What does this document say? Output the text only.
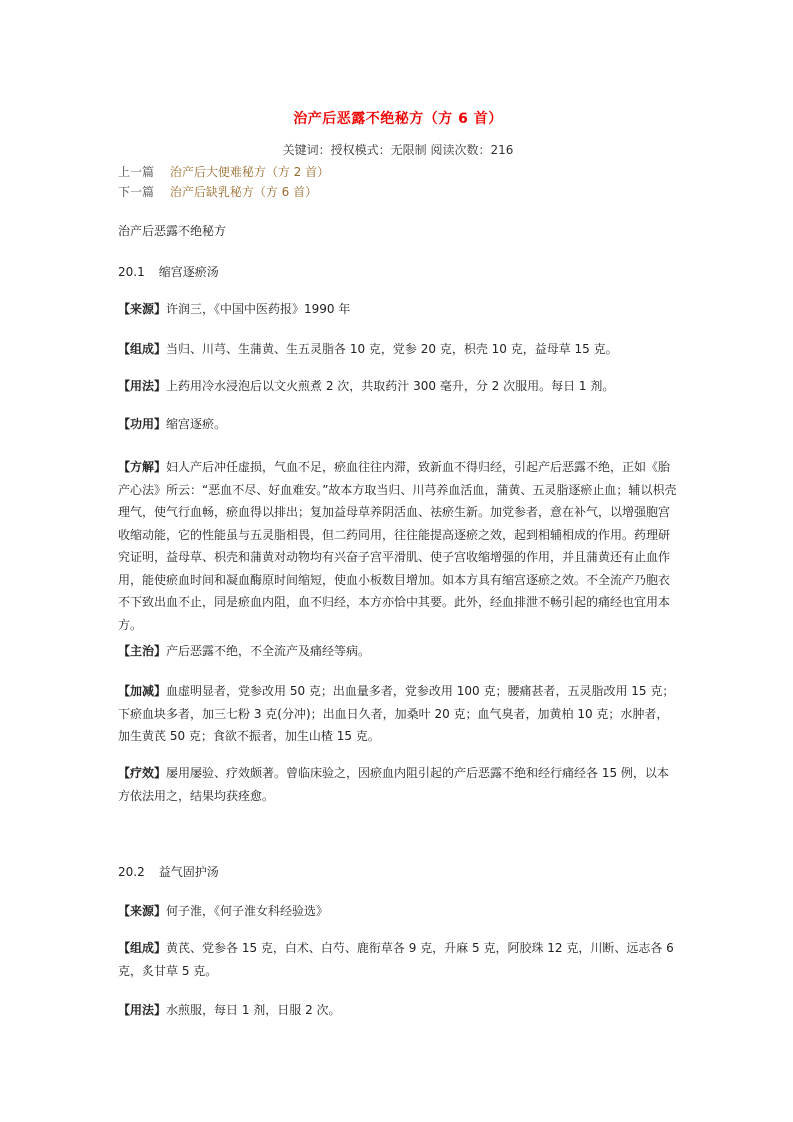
治产后恶露不绝秘方（方 6 首）
关键词：授权模式：无限制 阅读次数：216
上一篇 治产后大便难秘方（方 2 首）
下一篇 治产后缺乳秘方（方 6 首）
治产后恶露不绝秘方
20.1 缩宫逐瘀汤
【来源】许润三，《中国中医药报》1990 年
【组成】当归、川芎、生蒲黄、生五灵脂各 10 克，党参 20 克，枳壳 10 克，益母草 15 克。
【用法】上药用冷水浸泡后以文火煎煮 2 次，共取药汁 300 毫升，分 2 次服用。每日 1 剂。
【功用】缩宫逐瘀。
【方解】妇人产后冲任虚损，气血不足，瘀血往往内滞，致新血不得归经，引起产后恶露不绝，正如《胎产心法》所云：“恶血不尽、好血难安。”故本方取当归、川芎养血活血，蒲黄、五灵脂逐瘀止血；辅以枳壳理气，使气行血畅，瘀血得以排出；复加益母草养阴活血、祛瘀生新。加党参者，意在补气，以增强胞宫收缩动能，它的性能虽与五灵脂相畏，但二药同用，往往能提高逐瘀之效，起到相辅相成的作用。药理研究证明，益母草、枳壳和蒲黄对动物均有兴奋子宫平滑肌、使子宫收缩增强的作用，并且蒲黄还有止血作用，能使瘀血时间和凝血酶原时间缩短，使血小板数目增加。如本方具有缩宫逐瘀之效。不全流产乃胞衣不下致出血不止，同是瘀血内阻，血不归经，本方亦恰中其要。此外，经血排泄不畅引起的痛经也宜用本方。
【主治】产后恶露不绝，不全流产及痛经等病。
【加减】血虚明显者，党参改用 50 克；出血量多者，党参改用 100 克；腰痛甚者，五灵脂改用 15 克；下瘀血块多者，加三七粉 3 克(分冲)；出血日久者，加桑叶 20 克；血气臭者，加黄柏 10 克；水肿者，加生黄芪 50 克；食欲不振者，加生山楂 15 克。
【疗效】屡用屡验、疗效颇著。曾临床验之，因瘀血内阻引起的产后恶露不绝和经行痛经各 15 例，以本方依法用之，结果均获痊愈。
20.2 益气固护汤
【来源】何子淮，《何子淮女科经验选》
【组成】黄芪、党参各 15 克，白术、白芍、鹿衔草各 9 克，升麻 5 克，阿胶珠 12 克，川断、远志各 6 克，炙甘草 5 克。
【用法】水煎服，每日 1 剂，日服 2 次。
